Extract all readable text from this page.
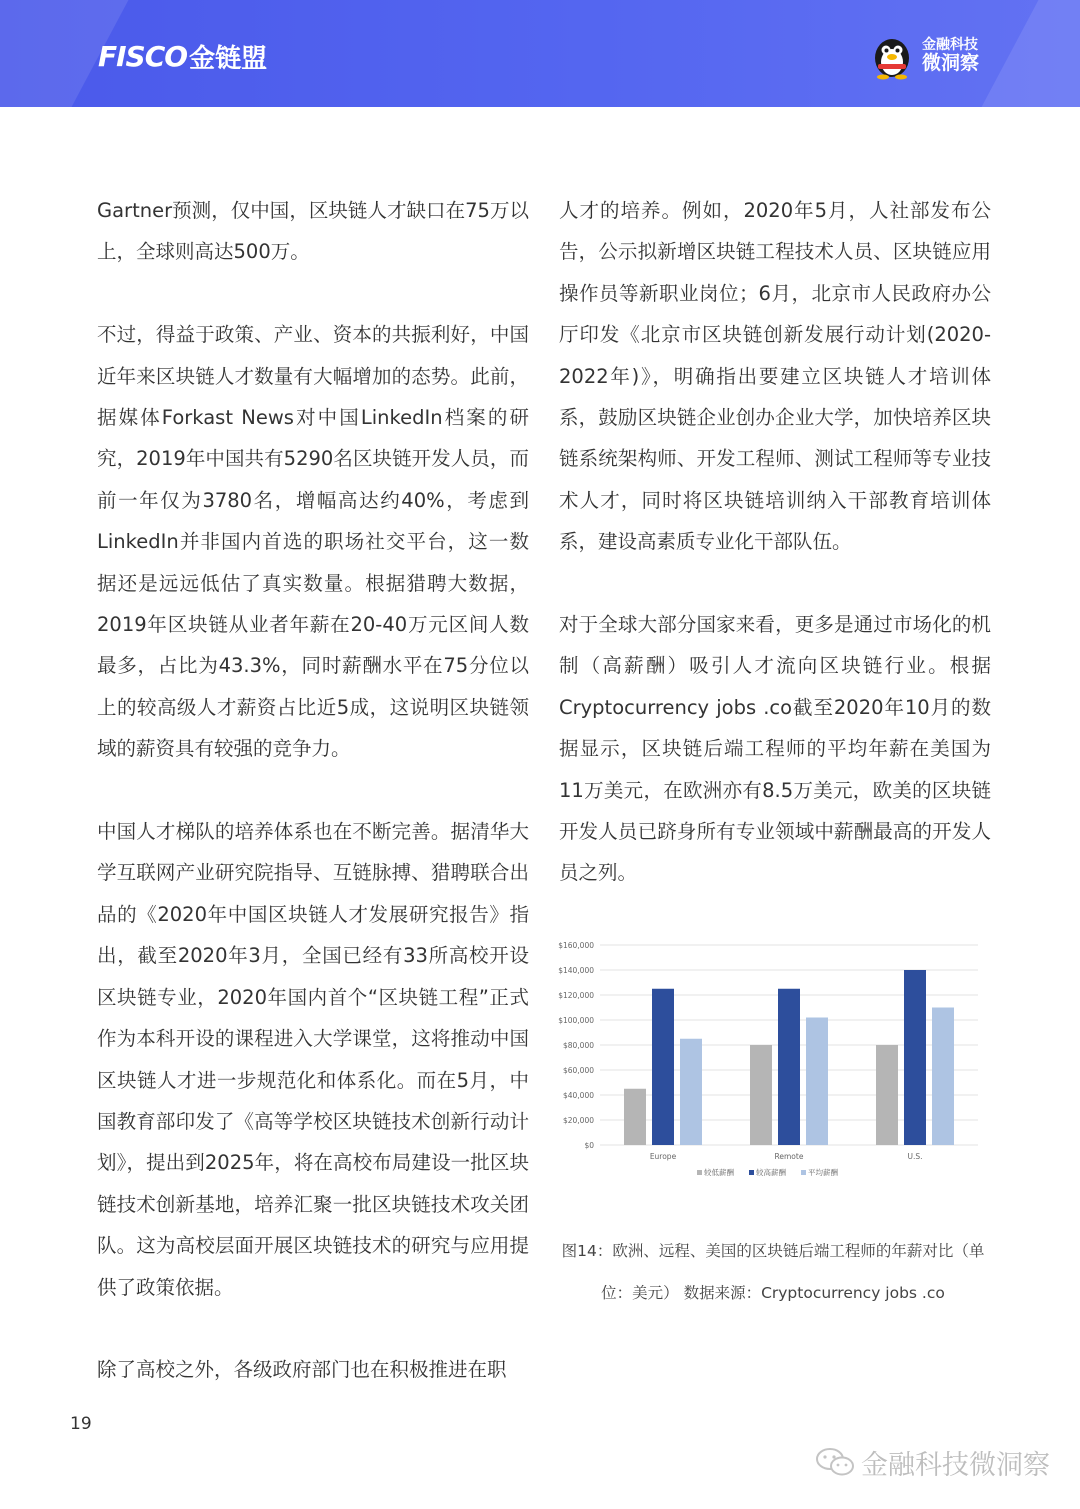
FISCO 金链盟	金融科技
微洞察

Gartner预测，仅中国，区块链人才缺口在75万以上，全球则高达500万。

不过，得益于政策、产业、资本的共振利好，中国近年来区块链人才数量有大幅增加的态势。此前，据媒体Forkast News对中国LinkedIn档案的研究，2019年中国共有5290名区块链开发人员，而前一年仅为3780名，增幅高达约40%，考虑到LinkedIn并非国内首选的职场社交平台，这一数据还是远远低估了真实数量。根据猎聘大数据，2019年区块链从业者年薪在20-40万元区间人数最多，占比为43.3%，同时薪酬水平在75分位以上的较高级人才薪资占比近5成，这说明区块链领域的薪资具有较强的竞争力。

中国人才梯队的培养体系也在不断完善。据清华大学互联网产业研究院指导、互链脉搏、猎聘联合出品的《2020年中国区块链人才发展研究报告》指出，截至2020年3月，全国已经有33所高校开设区块链专业，2020年国内首个“区块链工程”正式作为本科开设的课程进入大学课堂，这将推动中国区块链人才进一步规范化和体系化。而在5月，中国教育部印发了《高等学校区块链技术创新行动计划》，提出到2025年，将在高校布局建设一批区块链技术创新基地，培养汇聚一批区块链技术攻关团队。这为高校层面开展区块链技术的研究与应用提供了政策依据。

除了高校之外，各级政府部门也在积极推进在职

人才的培养。例如，2020年5月，人社部发布公告，公示拟新增区块链工程技术人员、区块链应用操作员等新职业岗位；6月，北京市人民政府办公厅印发《北京市区块链创新发展行动计划(2020-2022年)》，明确指出要建立区块链人才培训体系，鼓励区块链企业创办企业大学，加快培养区块链系统架构师、开发工程师、测试工程师等专业技术人才，同时将区块链培训纳入干部教育培训体系，建设高素质专业化干部队伍。

对于全球大部分国家来看，更多是通过市场化的机制（高薪酬）吸引人才流向区块链行业。根据Cryptocurrency jobs .co截至2020年10月的数据显示，区块链后端工程师的平均年薪在美国为11万美元，在欧洲亦有8.5万美元，欧美的区块链开发人员已跻身所有专业领域中薪酬最高的开发人员之列。

$0
$20,000
$40,000
$60,000
$80,000
$100,000
$120,000
$140,000
$160,000
Europe	Remote	U.S.
较低薪酬	较高薪酬	平均薪酬
图14：欧洲、远程、美国的区块链后端工程师的年薪对比（单位：美元） 数据来源：Cryptocurrency jobs .co
19
金融科技微洞察
